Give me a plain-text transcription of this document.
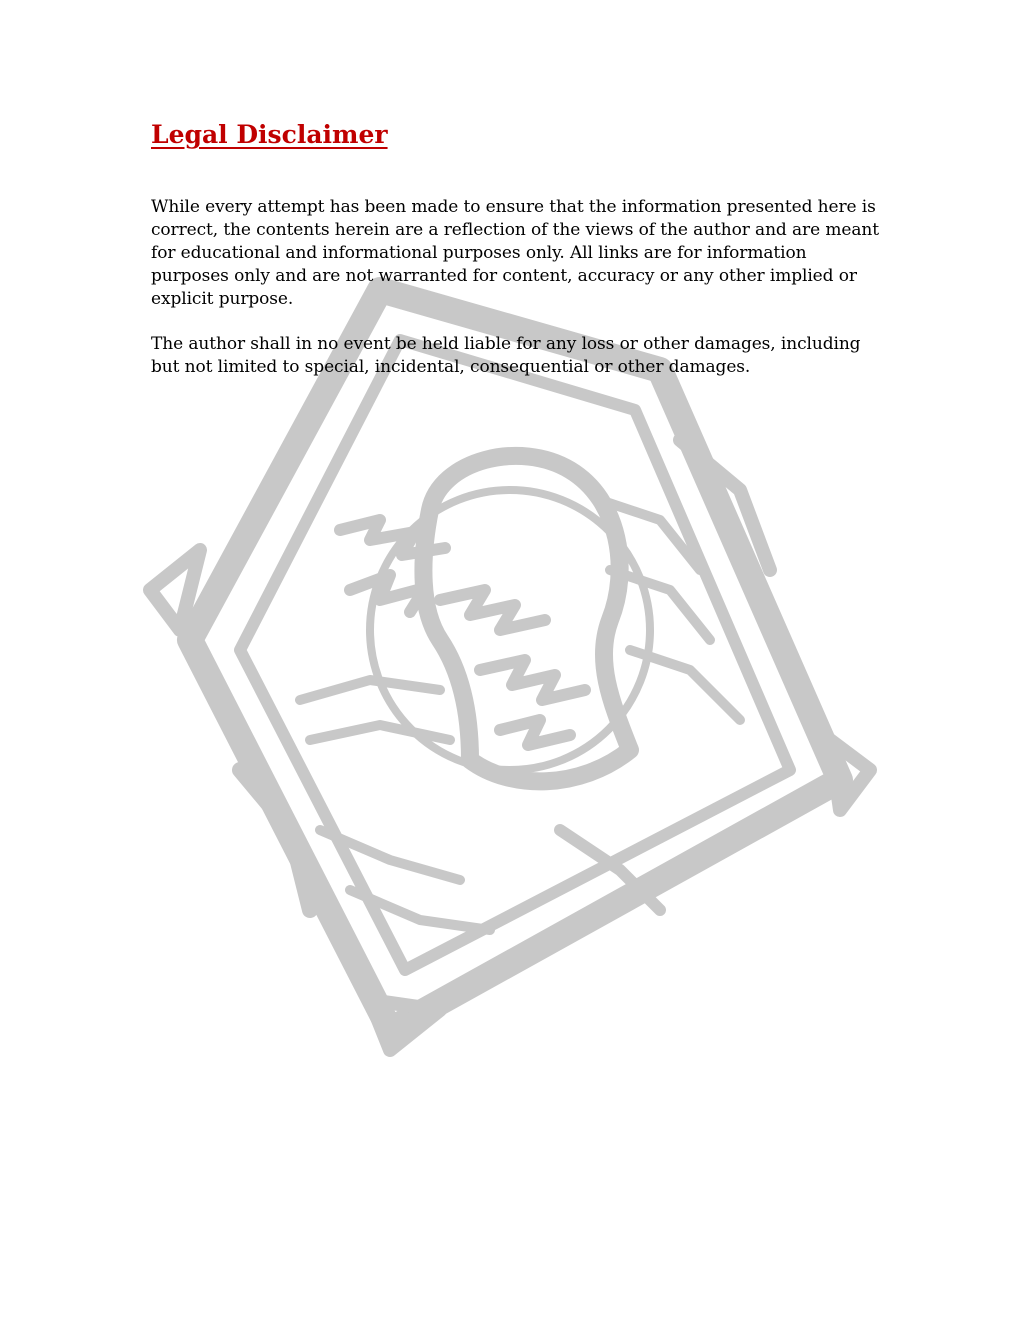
Legal Disclaimer

While every attempt has been made to ensure that the information presented here is correct, the contents herein are a reflection of the views of the author and are meant for educational and informational purposes only. All links are for information purposes only and are not warranted for content, accuracy or any other implied or explicit purpose.

The author shall in no event be held liable for any loss or other damages, including but not limited to special, incidental, consequential or other damages.
